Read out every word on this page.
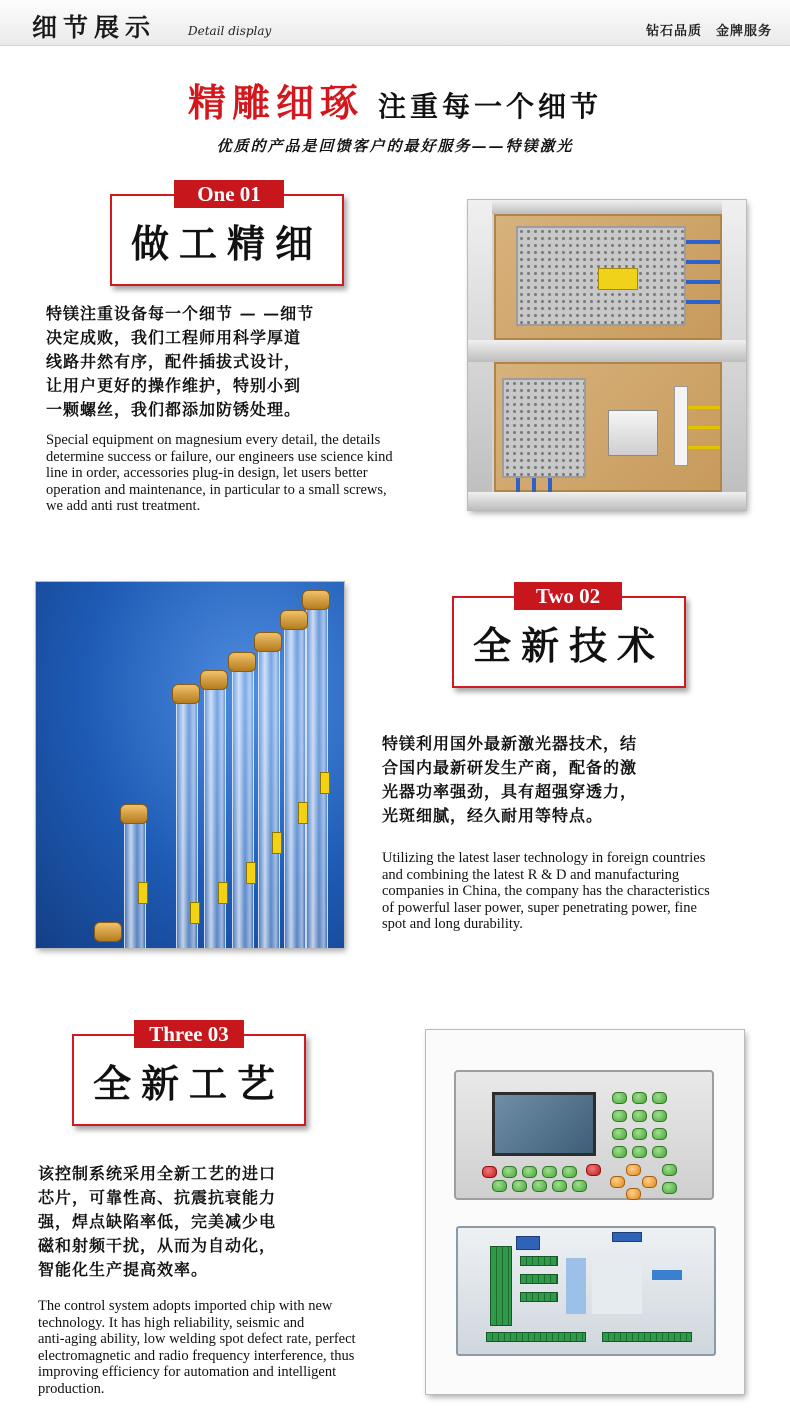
细节展示	Detail display	钻石品质 金牌服务
精雕细琢 注重每一个细节
优质的产品是回馈客户的最好服务——特镁激光
One 01
做工精细
特镁注重设备每一个细节 — —细节
决定成败，我们工程师用科学厚道
线路井然有序，配件插拔式设计，
让用户更好的操作维护，特别小到
一颗螺丝，我们都添加防锈处理。
Special equipment on magnesium every detail, the details
determine success or failure, our engineers use science kind
line in order, accessories plug-in design, let users better
operation and maintenance, in particular to a small screws,
we add anti rust treatment.
Two 02
全新技术
特镁利用国外最新激光器技术，结
合国内最新研发生产商，配备的激
光器功率强劲，具有超强穿透力，
光斑细腻，经久耐用等特点。
Utilizing the latest laser technology in foreign countries
and combining the latest R & D and manufacturing
companies in China, the company has the characteristics
of powerful laser power, super penetrating power, fine
spot and long durability.
Three 03
全新工艺
该控制系统采用全新工艺的进口
芯片，可靠性高、抗震抗衰能力
强，焊点缺陷率低，完美减少电
磁和射频干扰，从而为自动化，
智能化生产提高效率。
The control system adopts imported chip with new
technology. It has high reliability, seismic and
anti-aging ability, low welding spot defect rate, perfect
electromagnetic and radio frequency interference, thus
improving efficiency for automation and intelligent
production.
